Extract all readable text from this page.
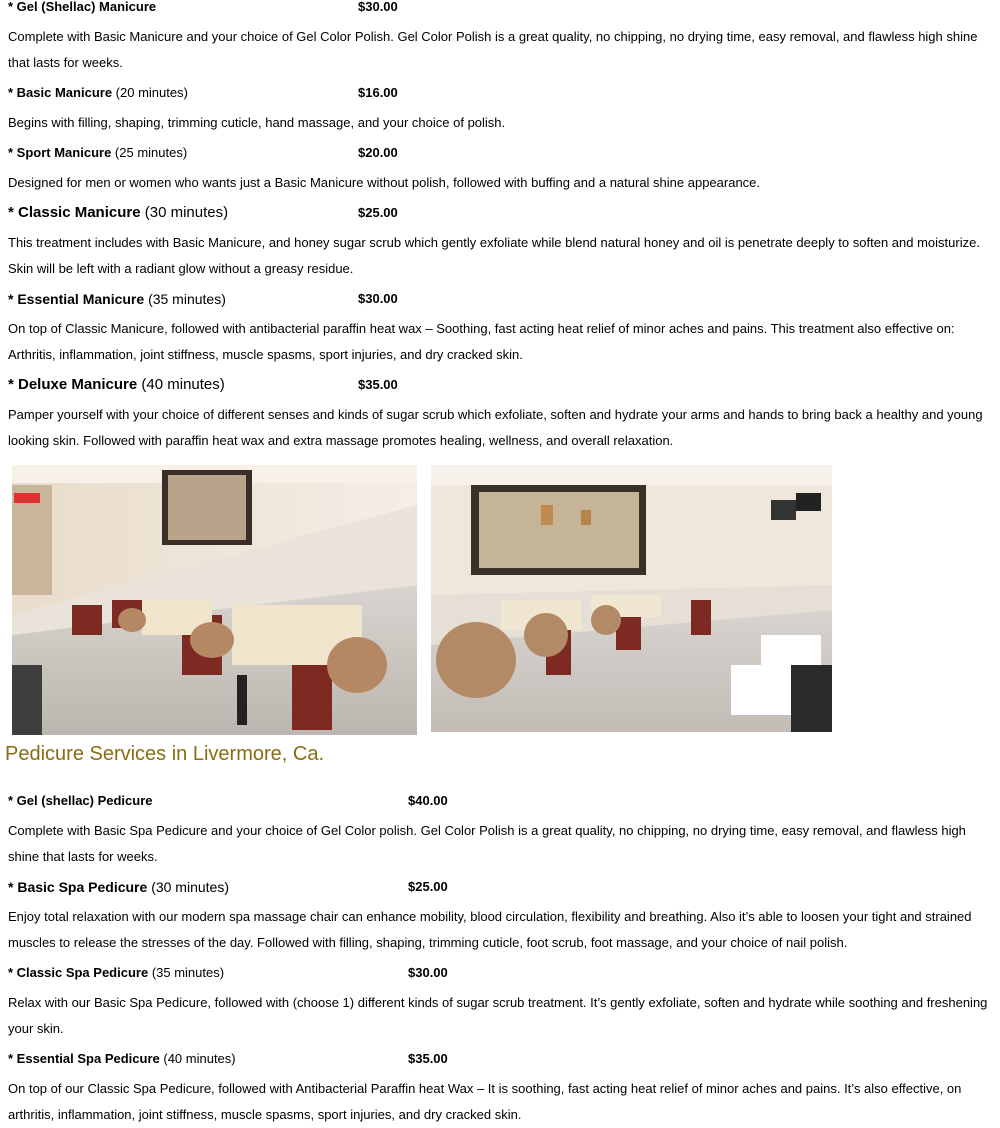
* Gel (Shellac) Manicure	$30.00
Complete with Basic Manicure and your choice of Gel Color Polish. Gel Color Polish is a great quality, no chipping, no drying time, easy removal, and flawless high shine that lasts for weeks.
* Basic Manicure (20 minutes)	$16.00
Begins with filling, shaping, trimming cuticle, hand massage, and your choice of polish.
* Sport Manicure (25 minutes)	$20.00
Designed for men or women who wants just a Basic Manicure without polish, followed with buffing and a natural shine appearance.
* Classic Manicure (30 minutes)	$25.00
This treatment includes with Basic Manicure, and honey sugar scrub which gently exfoliate while blend natural honey and oil is penetrate deeply to soften and moisturize. Skin will be left with a radiant glow without a greasy residue.
* Essential Manicure (35 minutes)	$30.00
On top of Classic Manicure, followed with antibacterial paraffin heat wax – Soothing, fast acting heat relief of minor aches and pains. This treatment also effective on: Arthritis, inflammation, joint stiffness, muscle spasms, sport injuries, and dry cracked skin.
* Deluxe Manicure (40 minutes)	$35.00
Pamper yourself with your choice of different senses and kinds of sugar scrub which exfoliate, soften and hydrate your arms and hands to bring back a healthy and young looking skin. Followed with paraffin heat wax and extra massage promotes healing, wellness, and overall relaxation.
Pedicure Services in Livermore, Ca.
* Gel (shellac) Pedicure	$40.00
Complete with Basic Spa Pedicure and your choice of Gel Color polish. Gel Color Polish is a great quality, no chipping, no drying time, easy removal, and flawless high shine that lasts for weeks.
* Basic Spa Pedicure (30 minutes)	$25.00
Enjoy total relaxation with our modern spa massage chair can enhance mobility, blood circulation, flexibility and breathing. Also it’s able to loosen your tight and strained muscles to release the stresses of the day. Followed with filling, shaping, trimming cuticle, foot scrub, foot massage, and your choice of nail polish.
* Classic Spa Pedicure (35 minutes)	$30.00
Relax with our Basic Spa Pedicure, followed with (choose 1) different kinds of sugar scrub treatment. It’s gently exfoliate, soften and hydrate while soothing and freshening your skin.
* Essential Spa Pedicure (40 minutes)	$35.00
On top of our Classic Spa Pedicure, followed with Antibacterial Paraffin heat Wax – It is soothing, fast acting heat relief of minor aches and pains. It’s also effective, on arthritis, inflammation, joint stiffness, muscle spasms, sport injuries, and dry cracked skin.
